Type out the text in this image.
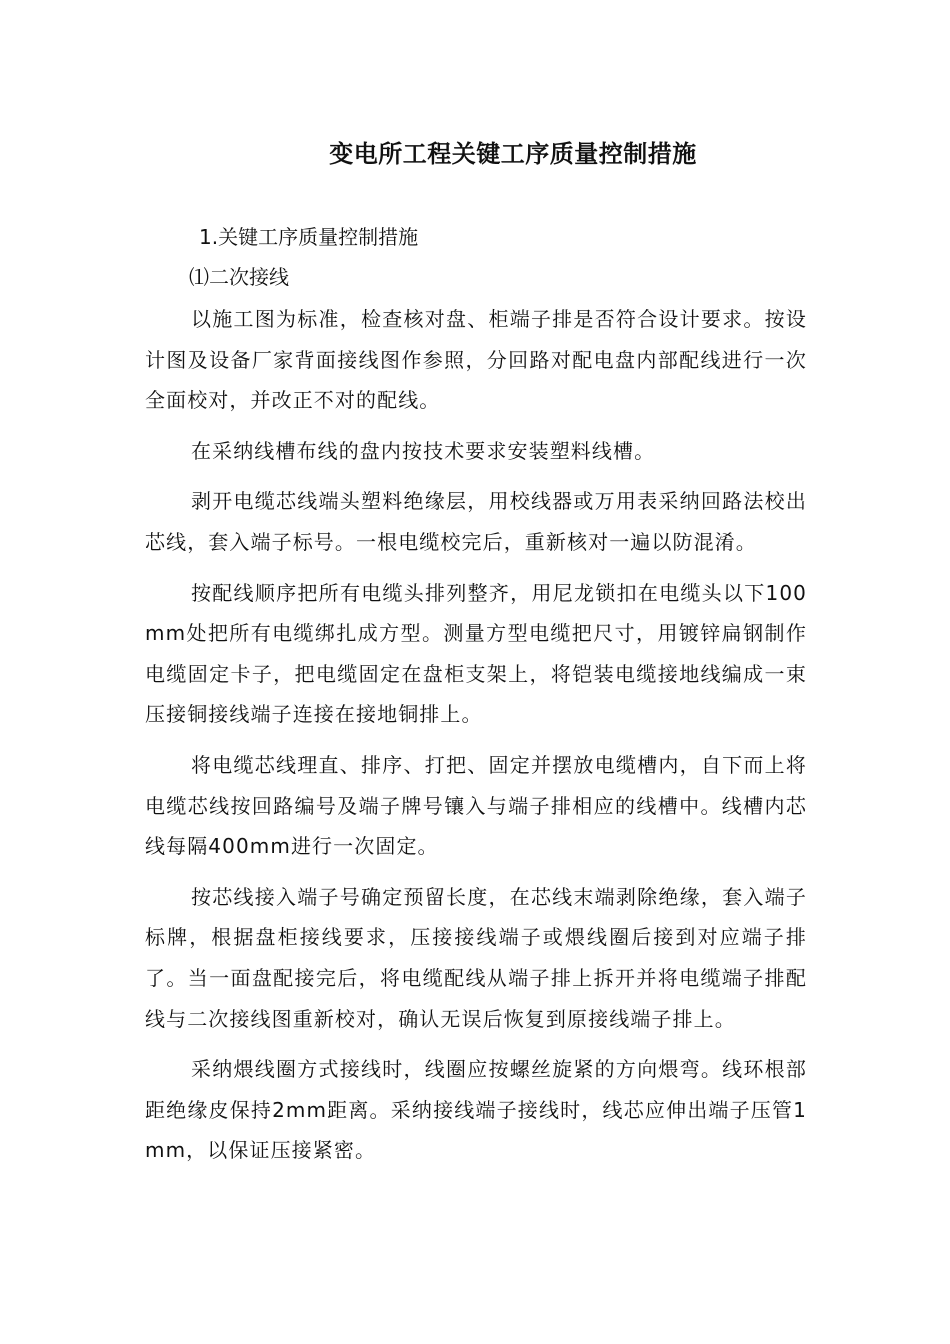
变电所工程关键工序质量控制措施
1.关键工序质量控制措施
⑴二次接线

以施工图为标准，检查核对盘、柜端子排是否符合设计要求。按设计图及设备厂家背面接线图作参照，分回路对配电盘内部配线进行一次全面校对，并改正不对的配线。

在采纳线槽布线的盘内按技术要求安装塑料线槽。

剥开电缆芯线端头塑料绝缘层，用校线器或万用表采纳回路法校出芯线，套入端子标号。一根电缆校完后，重新核对一遍以防混淆。

按配线顺序把所有电缆头排列整齐，用尼龙锁扣在电缆头以下100mm处把所有电缆绑扎成方型。测量方型电缆把尺寸，用镀锌扁钢制作电缆固定卡子，把电缆固定在盘柜支架上，将铠装电缆接地线编成一束压接铜接线端子连接在接地铜排上。

将电缆芯线理直、排序、打把、固定并摆放电缆槽内，自下而上将电缆芯线按回路编号及端子牌号镶入与端子排相应的线槽中。线槽内芯线每隔400mm进行一次固定。

按芯线接入端子号确定预留长度，在芯线末端剥除绝缘，套入端子标牌，根据盘柜接线要求，压接接线端子或煨线圈后接到对应端子排了。当一面盘配接完后，将电缆配线从端子排上拆开并将电缆端子排配线与二次接线图重新校对，确认无误后恢复到原接线端子排上。

采纳煨线圈方式接线时，线圈应按螺丝旋紧的方向煨弯。线环根部距绝缘皮保持2mm距离。采纳接线端子接线时，线芯应伸出端子压管1mm，以保证压接紧密。
